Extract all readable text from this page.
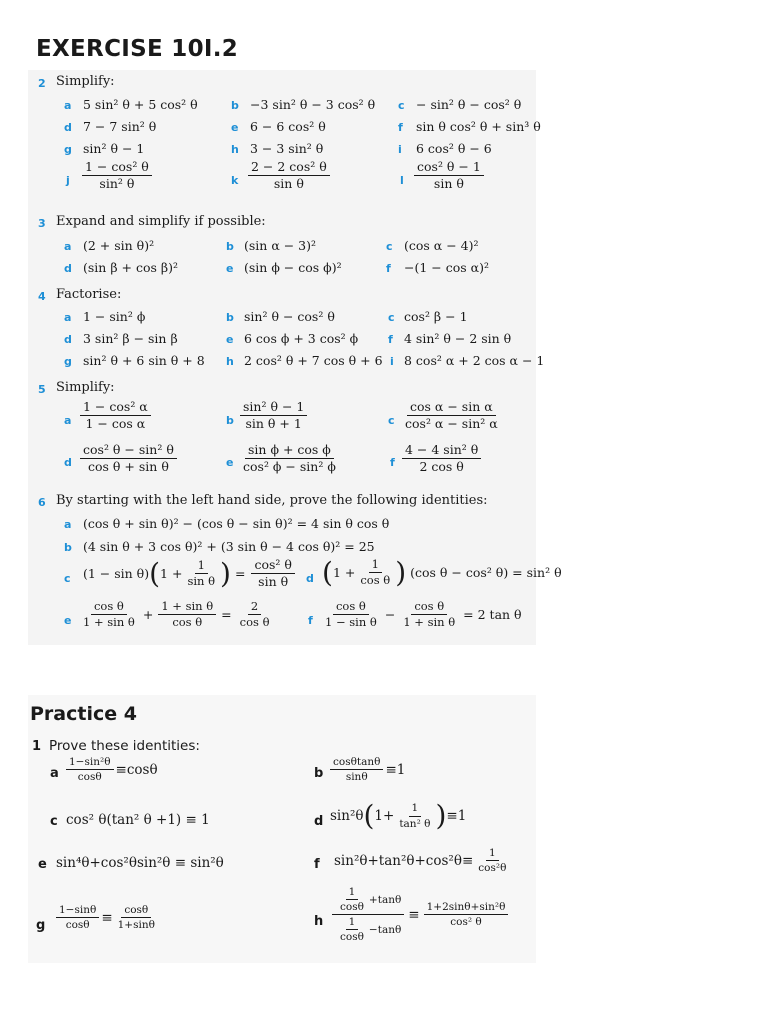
EXERCISE 10I.2
2 Simplify:
a 5 sin² θ + 5 cos² θ	b −3 sin² θ − 3 cos² θ c − sin² θ − cos² θ
d 7 − 7 sin² θ	e 6 − 6 cos² θ	f sin θ cos² θ + sin³ θ
g sin² θ − 1	h 3 − 3 sin² θ	i 6 cos² θ − 6
j $\frac{\text{1 − cos² θ}}{\text{sin² θ}}$	k $\frac{\text{2 − 2 cos² θ}}{\text{sin θ}}$	l $\frac{\text{cos² θ − 1}}{\text{sin θ}}$
3 Expand and simplify if possible:
a (2 + sin θ)²	b (sin α − 3)²	c (cos α − 4)²
d (sin β + cos β)²	e (sin ϕ − cos ϕ)²	f −(1 − cos α)²
4 Factorise:
a 1 − sin² ϕ	b sin² θ − cos² θ	c cos² β − 1
d 3 sin² β − sin β	e 6 cos ϕ + 3 cos² ϕ	f 4 sin² θ − 2 sin θ
g sin² θ + 6 sin θ + 8 h 2 cos² θ + 7 cos θ + 6 i 8 cos² α + 2 cos α − 1
5 Simplify:
a $\frac{\text{1 − cos² α}}{\text{1 − cos α}}$	b $\frac{\text{sin² θ − 1}}{\text{sin θ + 1}}$	c $\frac{\text{cos α − sin α}}{\text{cos² α − sin² α}}$
d $\frac{\text{cos² θ − sin² θ}}{\text{cos θ + sin θ}}$	e $\frac{\text{sin ϕ + cos ϕ}}{\text{cos² ϕ − sin² ϕ}}$	f $\frac{\text{4 − 4 sin² θ}}{\text{2 cos θ}}$
6 By starting with the left hand side, prove the following identities:
a (cos θ + sin θ)² − (cos θ − sin θ)² = 4 sin θ cos θ
b (4 sin θ + 3 cos θ)² + (3 sin θ − 4 cos θ)² = 25
c (1 − sin θ) ( $1 + \frac{1}{\text{sin θ}}$ ) = $\frac{\text{cos² θ}}{\text{sin θ}}$ d ( $1 + \frac{1}{\text{cos θ}}$ ) (cos θ − cos² θ) = sin² θ
e $\frac{\text{cos θ}}{\text{1 + sin θ}} + \frac{\text{1 + sin θ}}{\text{cos θ}} = \frac{2}{\text{cos θ}}$	f $\frac{\text{cos θ}}{\text{1 − sin θ}} - \frac{\text{cos θ}}{\text{1 + sin θ}} = 2$ tan θ
Practice 4
1 Prove these identities:
a $\frac{\text{1−sin²θ}}{\cos\theta} \equiv\cos\theta$	b $\frac{\cos\theta\tan\theta}{\sin\theta} \equiv 1$
c cos² θ(tan² θ +1) ≡ 1	d sin²θ ( $1+ \frac{1}{\text{tan² θ}}$ ) ≡1
e sin⁴θ+cos²θsin²θ ≡ sin²θ	f $\sin^2\theta+\tan^2\theta+\cos^2\theta\equiv \frac{1}{\text{cos²θ}}$
g $\frac{1-\sin\theta}{\cos\theta} \equiv \frac{\cos\theta}{1+\sin\theta}$	h
$\frac{1}{\cos\theta} +\tan\theta$
$\frac{1}{\cos\theta} -\tan\theta$
≡ $\frac{\text{1+2sinθ+sin²θ}}{\text{cos² θ}}$
